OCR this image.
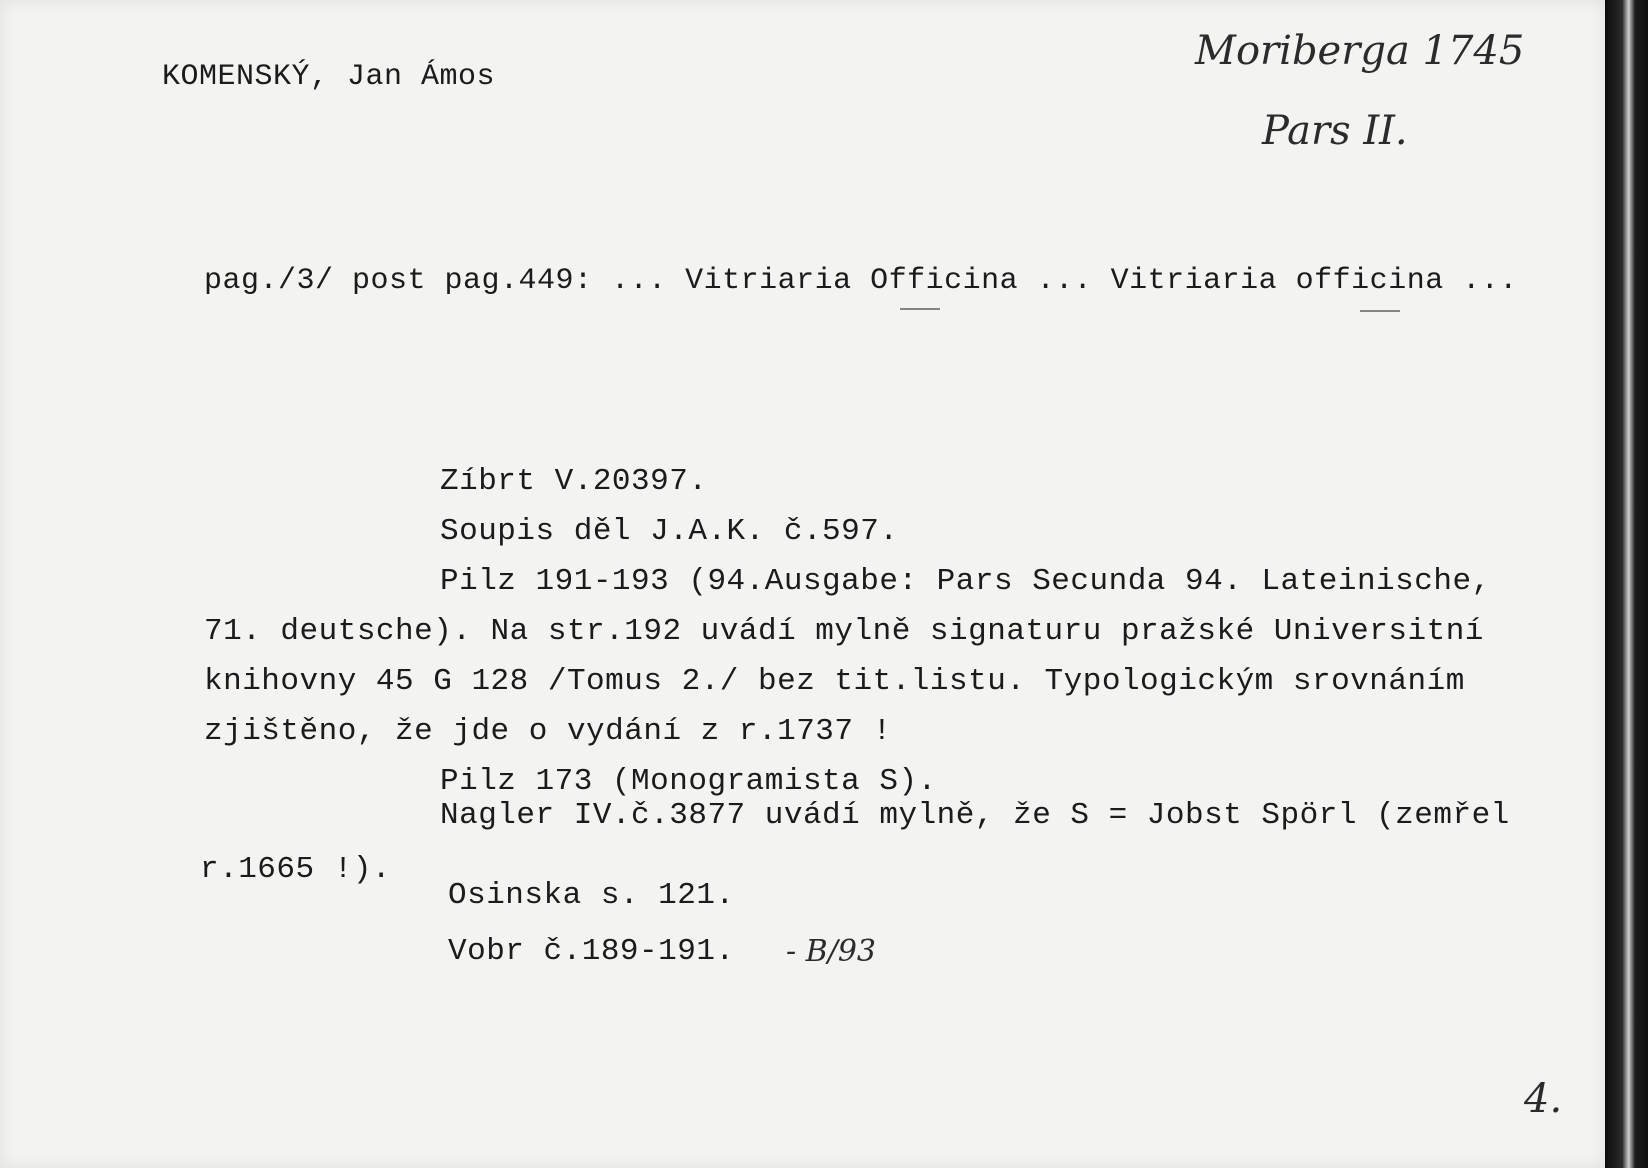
KOMENSKÝ, Jan Ámos
Moriberga 1745
Pars II.
pag./3/ post pag.449: ... Vitriaria Officina ... Vitriaria officina ...
Zíbrt V.20397.
Soupis děl J.A.K. č.597.
Pilz 191-193 (94.Ausgabe: Pars Secunda 94. Lateinische,
71. deutsche). Na str.192 uvádí mylně signaturu pražské Universitní
knihovny 45 G 128 /Tomus 2./ bez tit.listu. Typologickým srovnáním
zjištěno, že jde o vydání z r.1737 !
Pilz 173 (Monogramista S).
Nagler IV.č.3877 uvádí mylně, že S = Jobst Spörl (zemřel
r.1665 !).
Osinska s. 121.
Vobr č.189-191. - B/93
4.
